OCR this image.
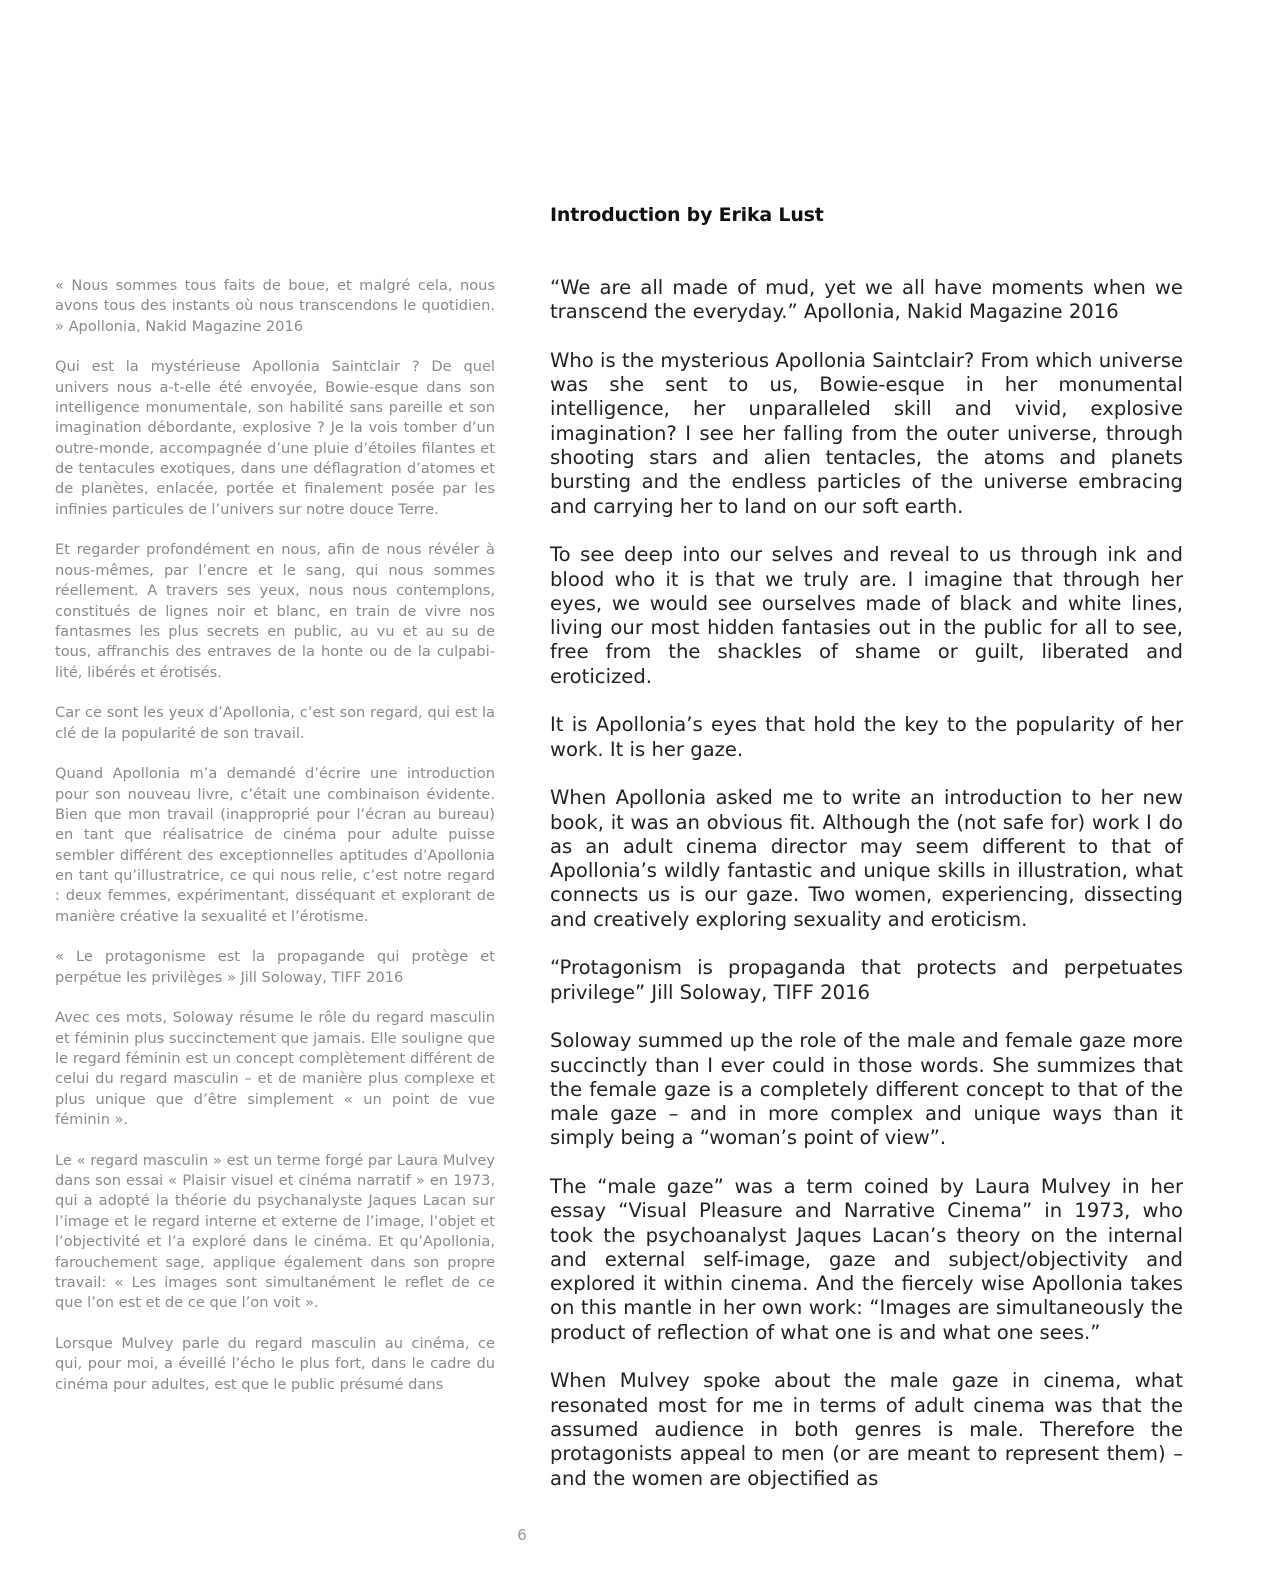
Introduction by Erika Lust

« Nous sommes tous faits de boue, et malgré cela, nous avons tous des instants où nous transcendons le quotidien. » Apollonia, Nakid Magazine 2016

Qui est la mystérieuse Apollonia Saintclair ? De quel univers nous a-t-elle été envoyée, Bowie-esque dans son intelligence monumentale, son habilité sans pareille et son imagination débordante, explosive ? Je la vois tomber d’un outre-monde, accompagnée d’une pluie d’étoiles filantes et de tentacules exotiques, dans une déflagration d’atomes et de planètes, enlacée, portée et finalement posée par les infinies particules de l’univers sur notre douce Terre.

Et regarder profondément en nous, afin de nous révéler à nous-mêmes, par l’encre et le sang, qui nous sommes réellement. A travers ses yeux, nous nous contemplons, constitués de lignes noir et blanc, en train de vivre nos fantasmes les plus secrets en public, au vu et au su de tous, affranchis des entraves de la honte ou de la culpabilité, libérés et érotisés.

Car ce sont les yeux d’Apollonia, c’est son regard, qui est la clé de la popularité de son travail.

Quand Apollonia m’a demandé d’écrire une introduction pour son nouveau livre, c’était une combinaison évidente. Bien que mon travail (inapproprié pour l’écran au bureau) en tant que réalisatrice de cinéma pour adulte puisse sembler différent des exceptionnelles aptitudes d’Apollonia en tant qu’illustratrice, ce qui nous relie, c’est notre regard : deux femmes, expérimentant, disséquant et explorant de manière créative la sexualité et l’érotisme.

« Le protagonisme est la propagande qui protège et perpétue les privilèges » Jill Soloway, TIFF 2016

Avec ces mots, Soloway résume le rôle du regard masculin et féminin plus succinctement que jamais. Elle souligne que le regard féminin est un concept complètement différent de celui du regard masculin – et de manière plus complexe et plus unique que d’être simplement « un point de vue féminin ».

Le « regard masculin » est un terme forgé par Laura Mulvey dans son essai « Plaisir visuel et cinéma narratif » en 1973, qui a adopté la théorie du psychanalyste Jaques Lacan sur l’image et le regard interne et externe de l’image, l’objet et l’objectivité et l’a exploré dans le cinéma. Et qu’Apollonia, farouchement sage, applique également dans son propre travail: « Les images sont simultanément le reflet de ce que l’on est et de ce que l’on voit ».

Lorsque Mulvey parle du regard masculin au cinéma, ce qui, pour moi, a éveillé l’écho le plus fort, dans le cadre du cinéma pour adultes, est que le public présumé dans

“We are all made of mud, yet we all have moments when we transcend the everyday.” Apollonia, Nakid Magazine 2016

Who is the mysterious Apollonia Saintclair? From which universe was she sent to us, Bowie-esque in her monumental intelligence, her unparalleled skill and vivid, explosive imagination? I see her falling from the outer universe, through shooting stars and alien tentacles, the atoms and planets bursting and the endless particles of the universe embracing and carrying her to land on our soft earth.

To see deep into our selves and reveal to us through ink and blood who it is that we truly are. I imagine that through her eyes, we would see ourselves made of black and white lines, living our most hidden fantasies out in the public for all to see, free from the shackles of shame or guilt, liberated and eroticized.

It is Apollonia’s eyes that hold the key to the popularity of her work. It is her gaze.

When Apollonia asked me to write an introduction to her new book, it was an obvious fit. Although the (not safe for) work I do as an adult cinema director may seem different to that of Apollonia’s wildly fantastic and unique skills in illustration, what connects us is our gaze. Two women, experiencing, dissecting and creatively exploring sexuality and eroticism.

“Protagonism is propaganda that protects and perpetuates privilege” Jill Soloway, TIFF 2016

Soloway summed up the role of the male and female gaze more succinctly than I ever could in those words. She summizes that the female gaze is a completely different concept to that of the male gaze – and in more complex and unique ways than it simply being a “woman’s point of view”.

The “male gaze” was a term coined by Laura Mulvey in her essay “Visual Pleasure and Narrative Cinema” in 1973, who took the psychoanalyst Jaques Lacan’s theory on the internal and external self-image, gaze and subject/objectivity and explored it within cinema. And the fiercely wise Apollonia takes on this mantle in her own work: “Images are simultaneously the product of reflection of what one is and what one sees.”

When Mulvey spoke about the male gaze in cinema, what resonated most for me in terms of adult cinema was that the assumed audience in both genres is male. Therefore the protagonists appeal to men (or are meant to represent them) – and the women are objectified as

6
